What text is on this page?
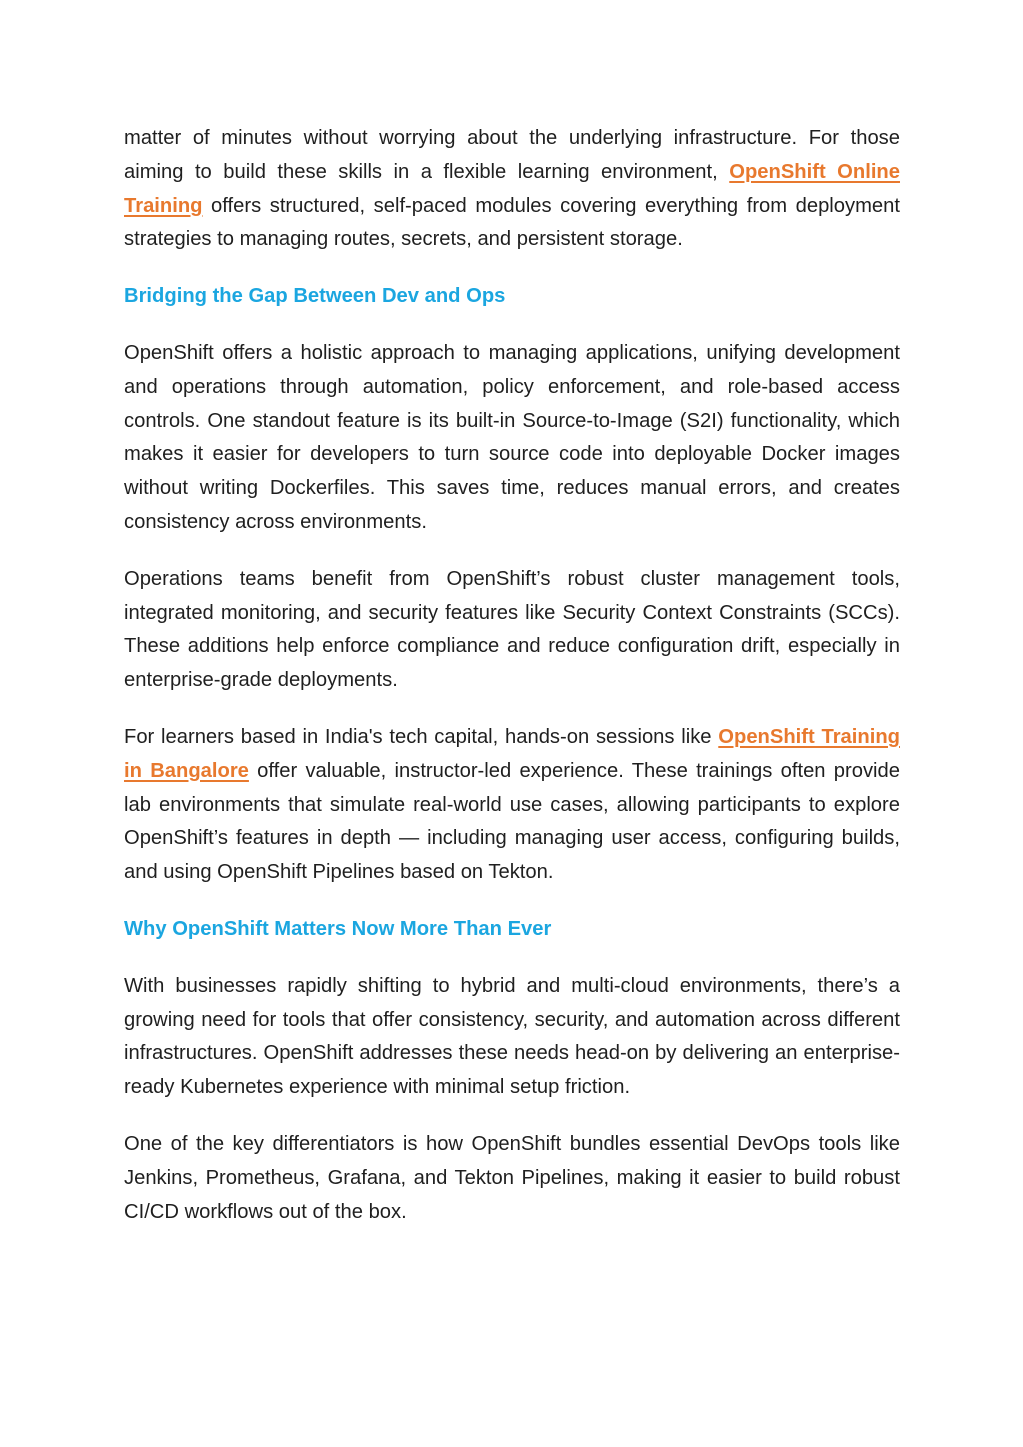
matter of minutes without worrying about the underlying infrastructure. For those aiming to build these skills in a flexible learning environment, OpenShift Online Training offers structured, self-paced modules covering everything from deployment strategies to managing routes, secrets, and persistent storage.

Bridging the Gap Between Dev and Ops

OpenShift offers a holistic approach to managing applications, unifying development and operations through automation, policy enforcement, and role-based access controls. One standout feature is its built-in Source-to-Image (S2I) functionality, which makes it easier for developers to turn source code into deployable Docker images without writing Dockerfiles. This saves time, reduces manual errors, and creates consistency across environments.

Operations teams benefit from OpenShift’s robust cluster management tools, integrated monitoring, and security features like Security Context Constraints (SCCs). These additions help enforce compliance and reduce configuration drift, especially in enterprise-grade deployments.

For learners based in India's tech capital, hands-on sessions like OpenShift Training in Bangalore offer valuable, instructor-led experience. These trainings often provide lab environments that simulate real-world use cases, allowing participants to explore OpenShift’s features in depth — including managing user access, configuring builds, and using OpenShift Pipelines based on Tekton.

Why OpenShift Matters Now More Than Ever

With businesses rapidly shifting to hybrid and multi-cloud environments, there’s a growing need for tools that offer consistency, security, and automation across different infrastructures. OpenShift addresses these needs head-on by delivering an enterprise-ready Kubernetes experience with minimal setup friction.

One of the key differentiators is how OpenShift bundles essential DevOps tools like Jenkins, Prometheus, Grafana, and Tekton Pipelines, making it easier to build robust CI/CD workflows out of the box.
